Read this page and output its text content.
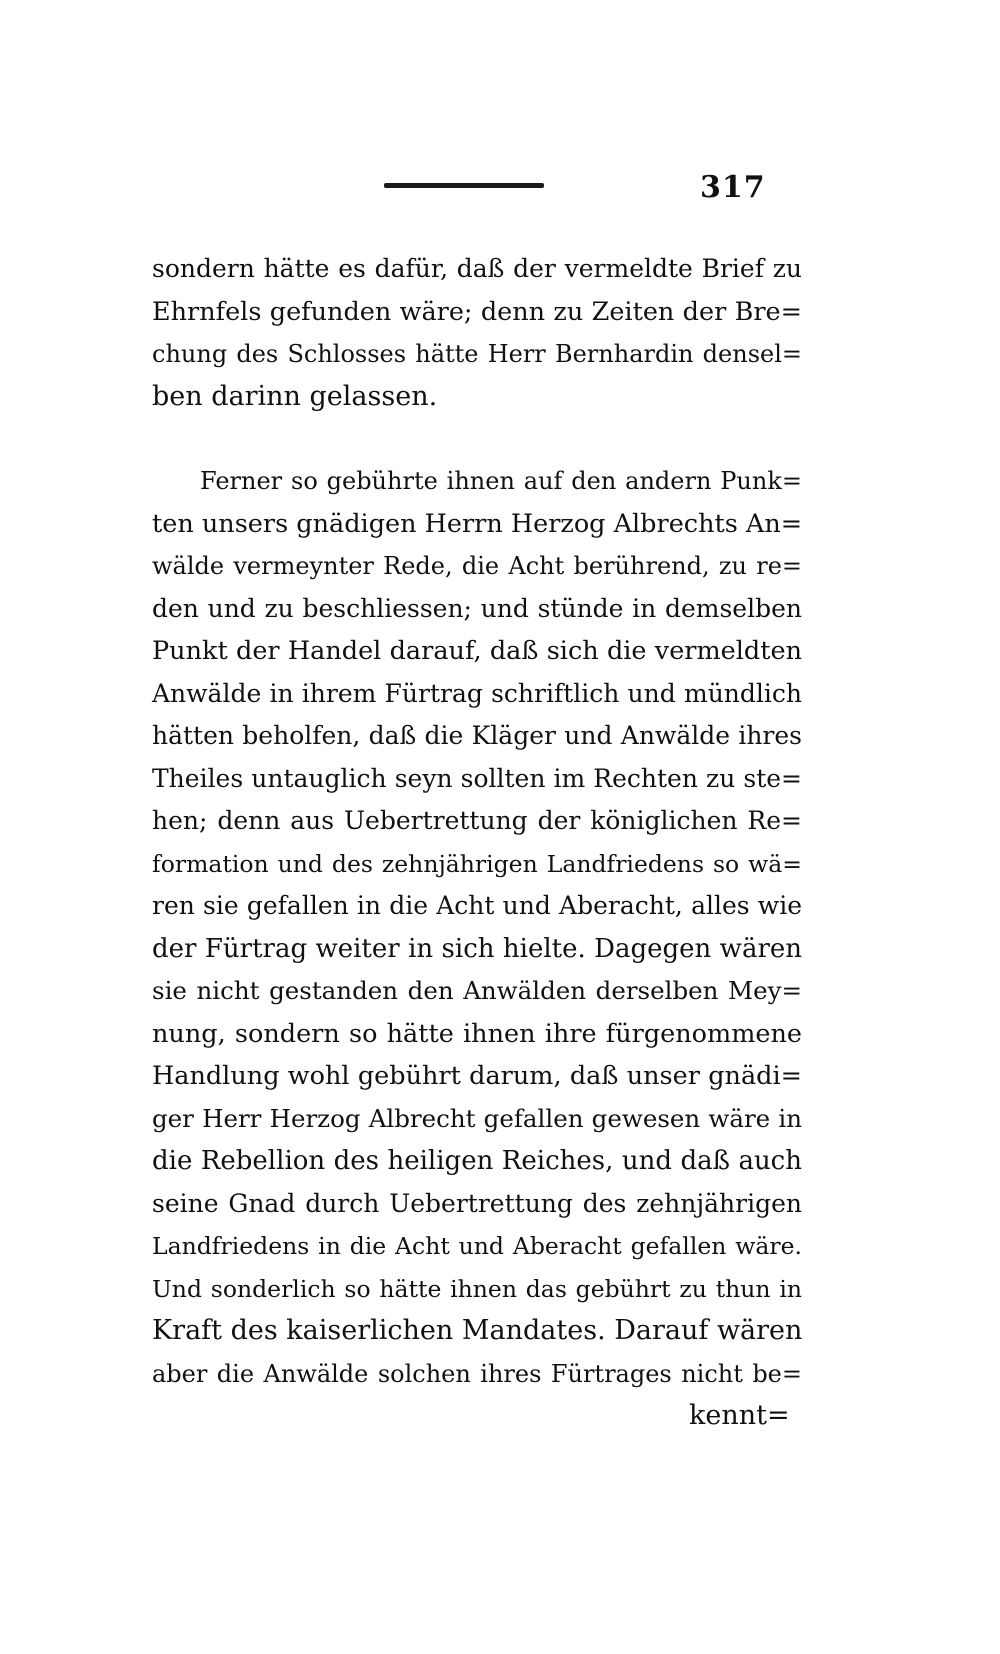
317
sondern hätte es dafür, daß der vermeldte Brief zu
Ehrnfels gefunden wäre; denn zu Zeiten der Bre=
chung des Schlosses hätte Herr Bernhardin densel=
ben darinn gelassen.
Ferner so gebührte ihnen auf den andern Punk=
ten unsers gnädigen Herrn Herzog Albrechts An=
wälde vermeynter Rede, die Acht berührend, zu re=
den und zu beschliessen; und stünde in demselben
Punkt der Handel darauf, daß sich die vermeldten
Anwälde in ihrem Fürtrag schriftlich und mündlich
hätten beholfen, daß die Kläger und Anwälde ihres
Theiles untauglich seyn sollten im Rechten zu ste=
hen; denn aus Uebertrettung der königlichen Re=
formation und des zehnjährigen Landfriedens so wä=
ren sie gefallen in die Acht und Aberacht, alles wie
der Fürtrag weiter in sich hielte. Dagegen wären
sie nicht gestanden den Anwälden derselben Mey=
nung, sondern so hätte ihnen ihre fürgenommene
Handlung wohl gebührt darum, daß unser gnädi=
ger Herr Herzog Albrecht gefallen gewesen wäre in
die Rebellion des heiligen Reiches, und daß auch
seine Gnad durch Uebertrettung des zehnjährigen
Landfriedens in die Acht und Aberacht gefallen wäre.
Und sonderlich so hätte ihnen das gebührt zu thun in
Kraft des kaiserlichen Mandates. Darauf wären
aber die Anwälde solchen ihres Fürtrages nicht be=
kennt=
